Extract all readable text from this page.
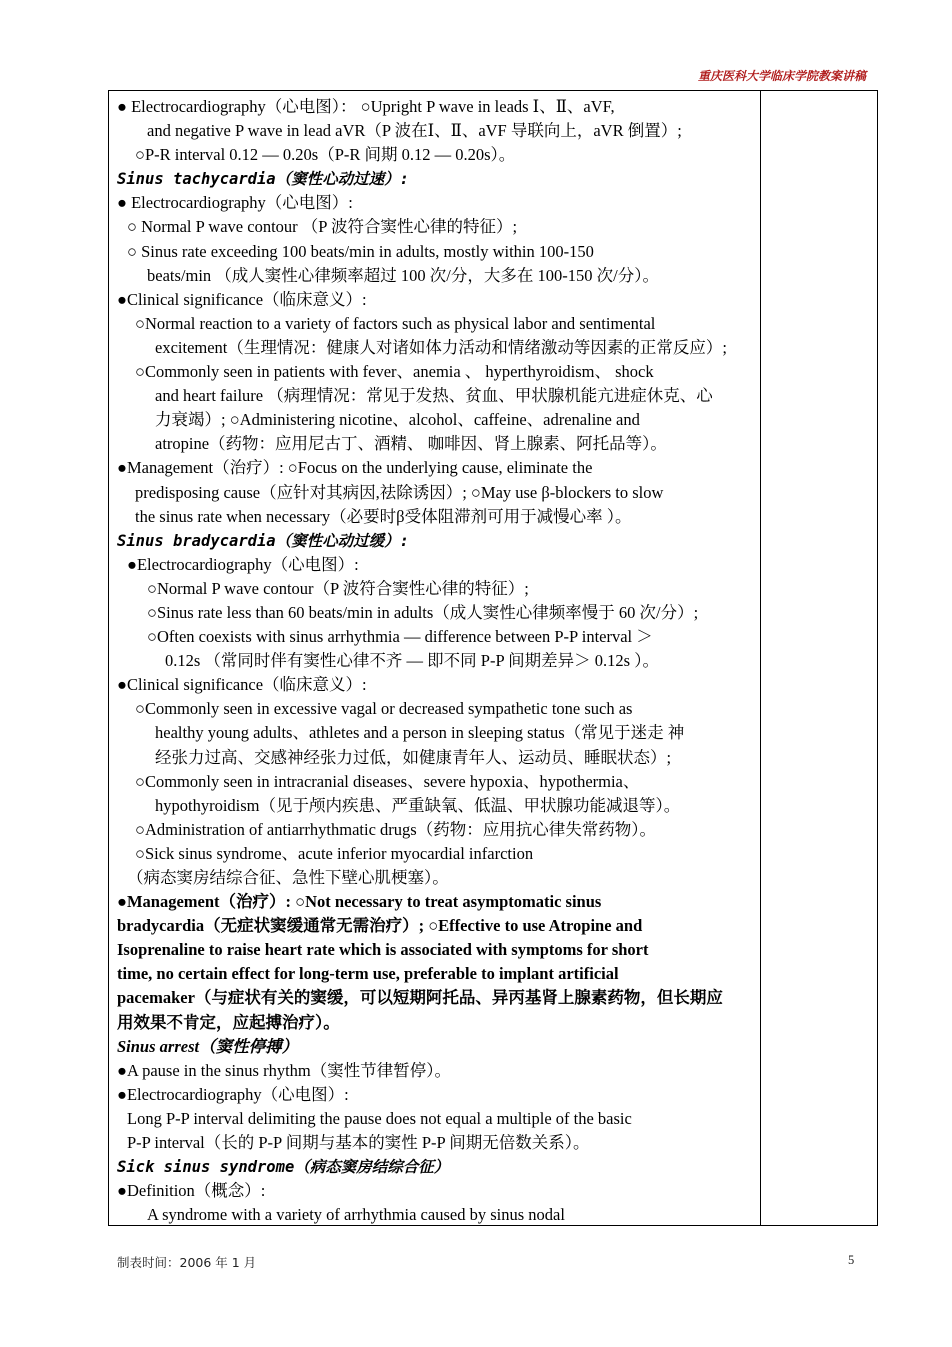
重庆医科大学临床学院教案讲稿
● Electrocardiography（心电图）： ○Upright P wave in leads Ⅰ、Ⅱ、aVF,
and negative P wave in lead aVR（P 波在Ⅰ、Ⅱ、aVF 导联向上，aVR 倒置）;
○P-R interval 0.12 — 0.20s（P-R 间期 0.12 — 0.20s）。
Sinus tachycardia（窦性心动过速）:
● Electrocardiography（心电图）:
○ Normal P wave contour （P 波符合窦性心律的特征）;
○ Sinus rate exceeding 100 beats/min in adults, mostly within 100-150
beats/min （成人窦性心律频率超过 100 次/分，大多在 100-150 次/分）。
●Clinical significance（临床意义）:
○Normal reaction to a variety of factors such as physical labor and sentimental
excitement（生理情况：健康人对诸如体力活动和情绪激动等因素的正常反应）;
○Commonly seen in patients with fever、anemia 、 hyperthyroidism、 shock
and heart failure （病理情况：常见于发热、贫血、甲状腺机能亢进症休克、心
力衰竭）; ○Administering nicotine、alcohol、caffeine、adrenaline and
atropine（药物：应用尼古丁、酒精、 咖啡因、肾上腺素、阿托品等）。
●Management（治疗）: ○Focus on the underlying cause, eliminate the
predisposing cause（应针对其病因,祛除诱因）; ○May use β-blockers to slow
the sinus rate when necessary（必要时β受体阻滞剂可用于减慢心率 ）。
Sinus bradycardia（窦性心动过缓）:
●Electrocardiography（心电图）:
○Normal P wave contour（P 波符合窦性心律的特征）;
○Sinus rate less than 60 beats/min in adults（成人窦性心律频率慢于 60 次/分）;
○Often coexists with sinus arrhythmia — difference between P-P interval ＞
0.12s （常同时伴有窦性心律不齐 — 即不同 P-P 间期差异＞ 0.12s ）。
●Clinical significance（临床意义）:
○Commonly seen in excessive vagal or decreased sympathetic tone such as
healthy young adults、athletes and a person in sleeping status（常见于迷走 神
经张力过高、交感神经张力过低，如健康青年人、运动员、睡眠状态）;
○Commonly seen in intracranial diseases、severe hypoxia、hypothermia、
hypothyroidism（见于颅内疾患、严重缺氧、低温、甲状腺功能减退等）。
○Administration of antiarrhythmatic drugs（药物：应用抗心律失常药物）。
○Sick sinus syndrome、acute inferior myocardial infarction
（病态窦房结综合征、急性下壁心肌梗塞）。
●Management（治疗）: ○Not necessary to treat asymptomatic sinus
bradycardia（无症状窦缓通常无需治疗）; ○Effective to use Atropine and
Isoprenaline to raise heart rate which is associated with symptoms for short
time, no certain effect for long-term use, preferable to implant artificial
pacemaker（与症状有关的窦缓，可以短期阿托品、异丙基肾上腺素药物，但长期应
用效果不肯定，应起搏治疗）。
Sinus arrest（窦性停搏）
●A pause in the sinus rhythm（窦性节律暂停）。
●Electrocardiography（心电图）:
Long P-P interval delimiting the pause does not equal a multiple of the basic
P-P interval（长的 P-P 间期与基本的窦性 P-P 间期无倍数关系）。
Sick sinus syndrome（病态窦房结综合征）
●Definition（概念）:
A syndrome with a variety of arrhythmia caused by sinus nodal
制表时间：2006 年 1 月	5
